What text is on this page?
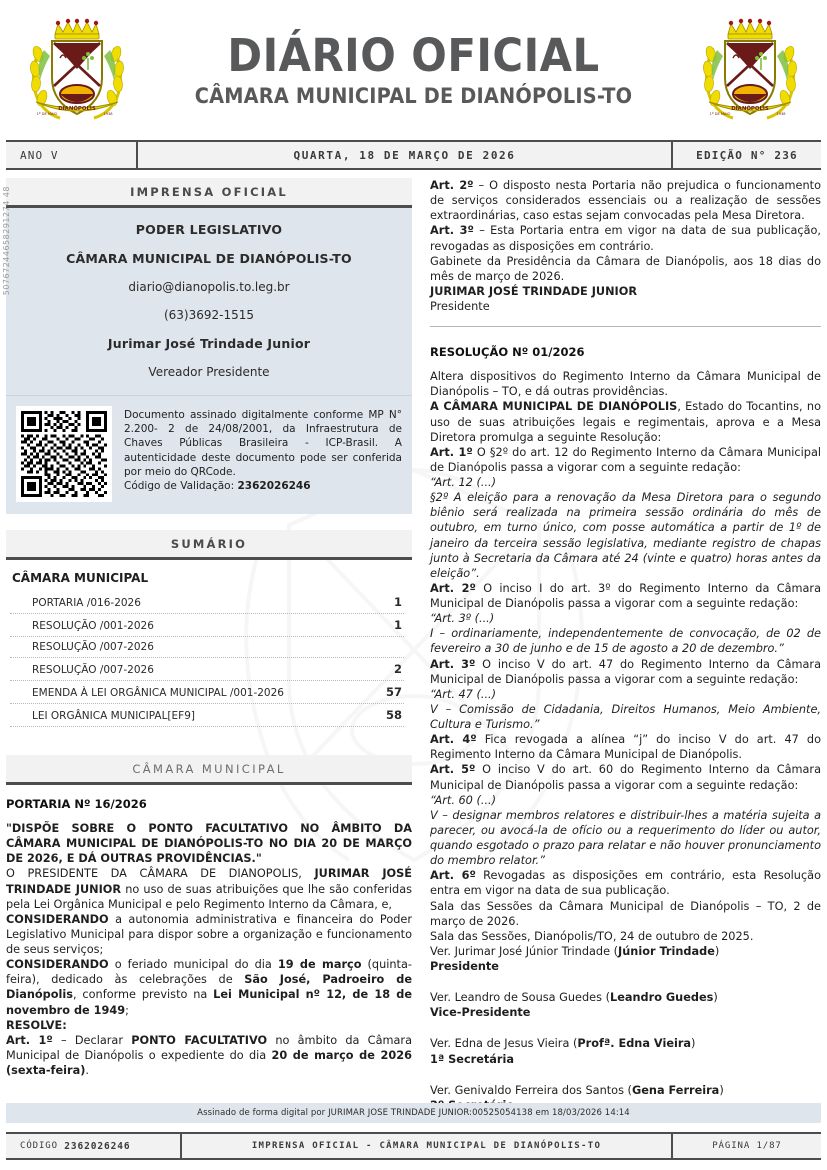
DIANÓPOLIS
1º DE MAIO	1938
DIÁRIO OFICIAL
CÂMARA MUNICIPAL DE DIANÓPOLIS-TO
DIANÓPOLIS
1º DE MAIO	1938
ANO V	QUARTA, 18 DE MARÇO DE 2026	EDIÇÃO N° 236
50767244658291274 48	IMPRENSA OFICIAL
PODER LEGISLATIVO
CÂMARA MUNICIPAL DE DIANÓPOLIS-TO
diario@dianopolis.to.leg.br
(63)3692-1515
Jurimar José Trindade Junior
Vereador Presidente
Documento assinado digitalmente conforme MP N° 2.200- 2 de 24/08/2001, da Infraestrutura de Chaves Públicas Brasileira - ICP-Brasil. A autenticidade deste documento pode ser conferida por meio do QRCode.
Código de Validação: 2362026246
SUMÁRIO
CÂMARA MUNICIPAL
PORTARIA /016-2026	1
RESOLUÇÃO /001-2026	1
RESOLUÇÃO /007-2026
RESOLUÇÃO /007-2026	2
EMENDA À LEI ORGÂNICA MUNICIPAL /001-2026	57
LEI ORGÂNICA MUNICIPAL[EF9]	58
CÂMARA MUNICIPAL
PORTARIA Nº 16/2026

"DISPÕE SOBRE O PONTO FACULTATIVO NO ÂMBITO DA CÂMARA MUNICIPAL DE DIANÓPOLIS-TO NO DIA 20 DE MARÇO DE 2026, E DÁ OUTRAS PROVIDÊNCIAS."

O PRESIDENTE DA CÂMARA DE DIANOPOLIS, JURIMAR JOSÉ TRINDADE JUNIOR no uso de suas atribuições que lhe são conferidas pela Lei Orgânica Municipal e pelo Regimento Interno da Câmara, e,

CONSIDERANDO a autonomia administrativa e financeira do Poder Legislativo Municipal para dispor sobre a organização e funcionamento de seus serviços;

CONSIDERANDO o feriado municipal do dia 19 de março (quinta-feira), dedicado às celebrações de São José, Padroeiro de Dianópolis, conforme previsto na Lei Municipal nº 12, de 18 de novembro de 1949;

RESOLVE:

Art. 1º – Declarar PONTO FACULTATIVO no âmbito da Câmara Municipal de Dianópolis o expediente do dia 20 de março de 2026 (sexta-feira).

Art. 2º – O disposto nesta Portaria não prejudica o funcionamento de serviços considerados essenciais ou a realização de sessões extraordinárias, caso estas sejam convocadas pela Mesa Diretora.

Art. 3º – Esta Portaria entra em vigor na data de sua publicação, revogadas as disposições em contrário.

Gabinete da Presidência da Câmara de Dianópolis, aos 18 dias do mês de março de 2026.

JURIMAR JOSÉ TRINDADE JUNIOR

Presidente

RESOLUÇÃO Nº 01/2026

Altera dispositivos do Regimento Interno da Câmara Municipal de Dianópolis – TO, e dá outras providências.

A CÂMARA MUNICIPAL DE DIANÓPOLIS, Estado do Tocantins, no uso de suas atribuições legais e regimentais, aprova e a Mesa Diretora promulga a seguinte Resolução:

Art. 1º O §2º do art. 12 do Regimento Interno da Câmara Municipal de Dianópolis passa a vigorar com a seguinte redação:

“Art. 12 (...)

§2º A eleição para a renovação da Mesa Diretora para o segundo biênio será realizada na primeira sessão ordinária do mês de outubro, em turno único, com posse automática a partir de 1º de janeiro da terceira sessão legislativa, mediante registro de chapas junto à Secretaria da Câmara até 24 (vinte e quatro) horas antes da eleição”.

Art. 2º O inciso I do art. 3º do Regimento Interno da Câmara Municipal de Dianópolis passa a vigorar com a seguinte redação:

“Art. 3º (...)

I – ordinariamente, independentemente de convocação, de 02 de fevereiro a 30 de junho e de 15 de agosto a 20 de dezembro.”

Art. 3º O inciso V do art. 47 do Regimento Interno da Câmara Municipal de Dianópolis passa a vigorar com a seguinte redação:

“Art. 47 (...)

V – Comissão de Cidadania, Direitos Humanos, Meio Ambiente, Cultura e Turismo.”

Art. 4º Fica revogada a alínea “j” do inciso V do art. 47 do Regimento Interno da Câmara Municipal de Dianópolis.

Art. 5º O inciso V do art. 60 do Regimento Interno da Câmara Municipal de Dianópolis passa a vigorar com a seguinte redação:

“Art. 60 (...)

V – designar membros relatores e distribuir-lhes a matéria sujeita a parecer, ou avocá-la de ofício ou a requerimento do líder ou autor, quando esgotado o prazo para relatar e não houver pronunciamento do membro relator.”

Art. 6º Revogadas as disposições em contrário, esta Resolução entra em vigor na data de sua publicação.

Sala das Sessões da Câmara Municipal de Dianópolis – TO, 2 de março de 2026.

Sala das Sessões, Dianópolis/TO, 24 de outubro de 2025.

Ver. Jurimar José Júnior Trindade (Júnior Trindade)

Presidente

Ver. Leandro de Sousa Guedes (Leandro Guedes)

Vice-Presidente

Ver. Edna de Jesus Vieira (Profª. Edna Vieira)

1ª Secretária

Ver. Genivaldo Ferreira dos Santos (Gena Ferreira)

Assinado de forma digital por JURIMAR JOSE TRINDADE JUNIOR:00525054138 em 18/03/2026 14:14
CÓDIGO
2362026246	IMPRENSA OFICIAL - CÂMARA MUNICIPAL DE DIANÓPOLIS-TO	PÁGINA 1/87
